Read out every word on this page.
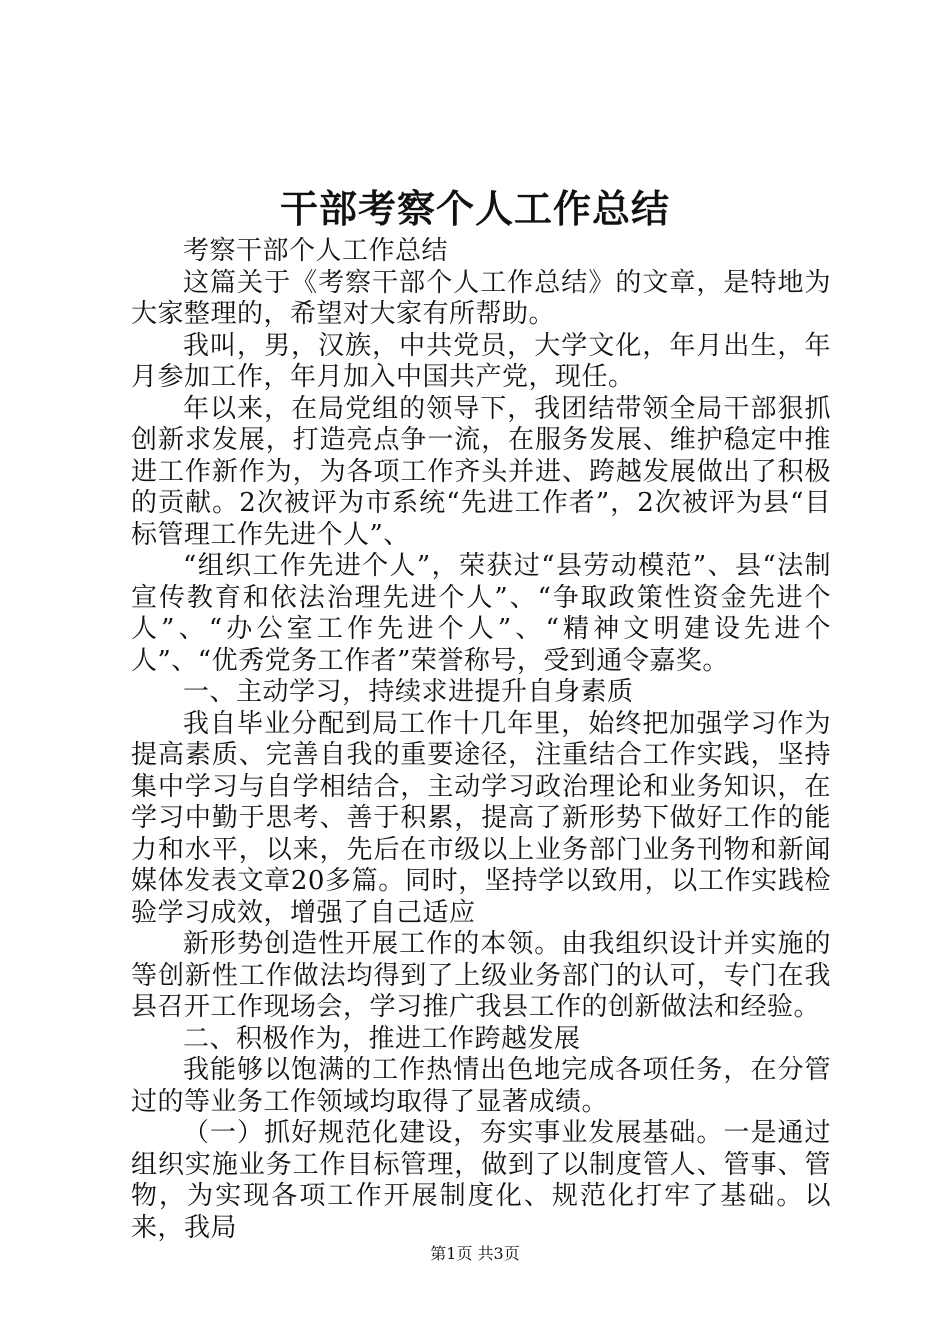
干部考察个人工作总结

考察干部个人工作总结

这篇关于《考察干部个人工作总结》的文章，是特地为大家整理的，希望对大家有所帮助。

我叫，男，汉族，中共党员，大学文化，年月出生，年月参加工作，年月加入中国共产党，现任。

年以来，在局党组的领导下，我团结带领全局干部狠抓创新求发展，打造亮点争一流，在服务发展、维护稳定中推进工作新作为，为各项工作齐头并进、跨越发展做出了积极的贡献。2次被评为市系统“先进工作者”，2次被评为县“目标管理工作先进个人”、

“组织工作先进个人”，荣获过“县劳动模范”、县“法制宣传教育和依法治理先进个人”、“争取政策性资金先进个人”、“办公室工作先进个人”、“精神文明建设先进个人”、“优秀党务工作者”荣誉称号，受到通令嘉奖。

一、主动学习，持续求进提升自身素质

我自毕业分配到局工作十几年里，始终把加强学习作为提高素质、完善自我的重要途径，注重结合工作实践，坚持集中学习与自学相结合，主动学习政治理论和业务知识，在学习中勤于思考、善于积累，提高了新形势下做好工作的能力和水平，以来，先后在市级以上业务部门业务刊物和新闻媒体发表文章20多篇。同时，坚持学以致用，以工作实践检验学习成效，增强了自己适应

新形势创造性开展工作的本领。由我组织设计并实施的等创新性工作做法均得到了上级业务部门的认可，专门在我县召开工作现场会，学习推广我县工作的创新做法和经验。

二、积极作为，推进工作跨越发展

我能够以饱满的工作热情出色地完成各项任务，在分管过的等业务工作领域均取得了显著成绩。

（一）抓好规范化建设，夯实事业发展基础。一是通过组织实施业务工作目标管理，做到了以制度管人、管事、管物，为实现各项工作开展制度化、规范化打牢了基础。以来，我局

第1页 共3页
